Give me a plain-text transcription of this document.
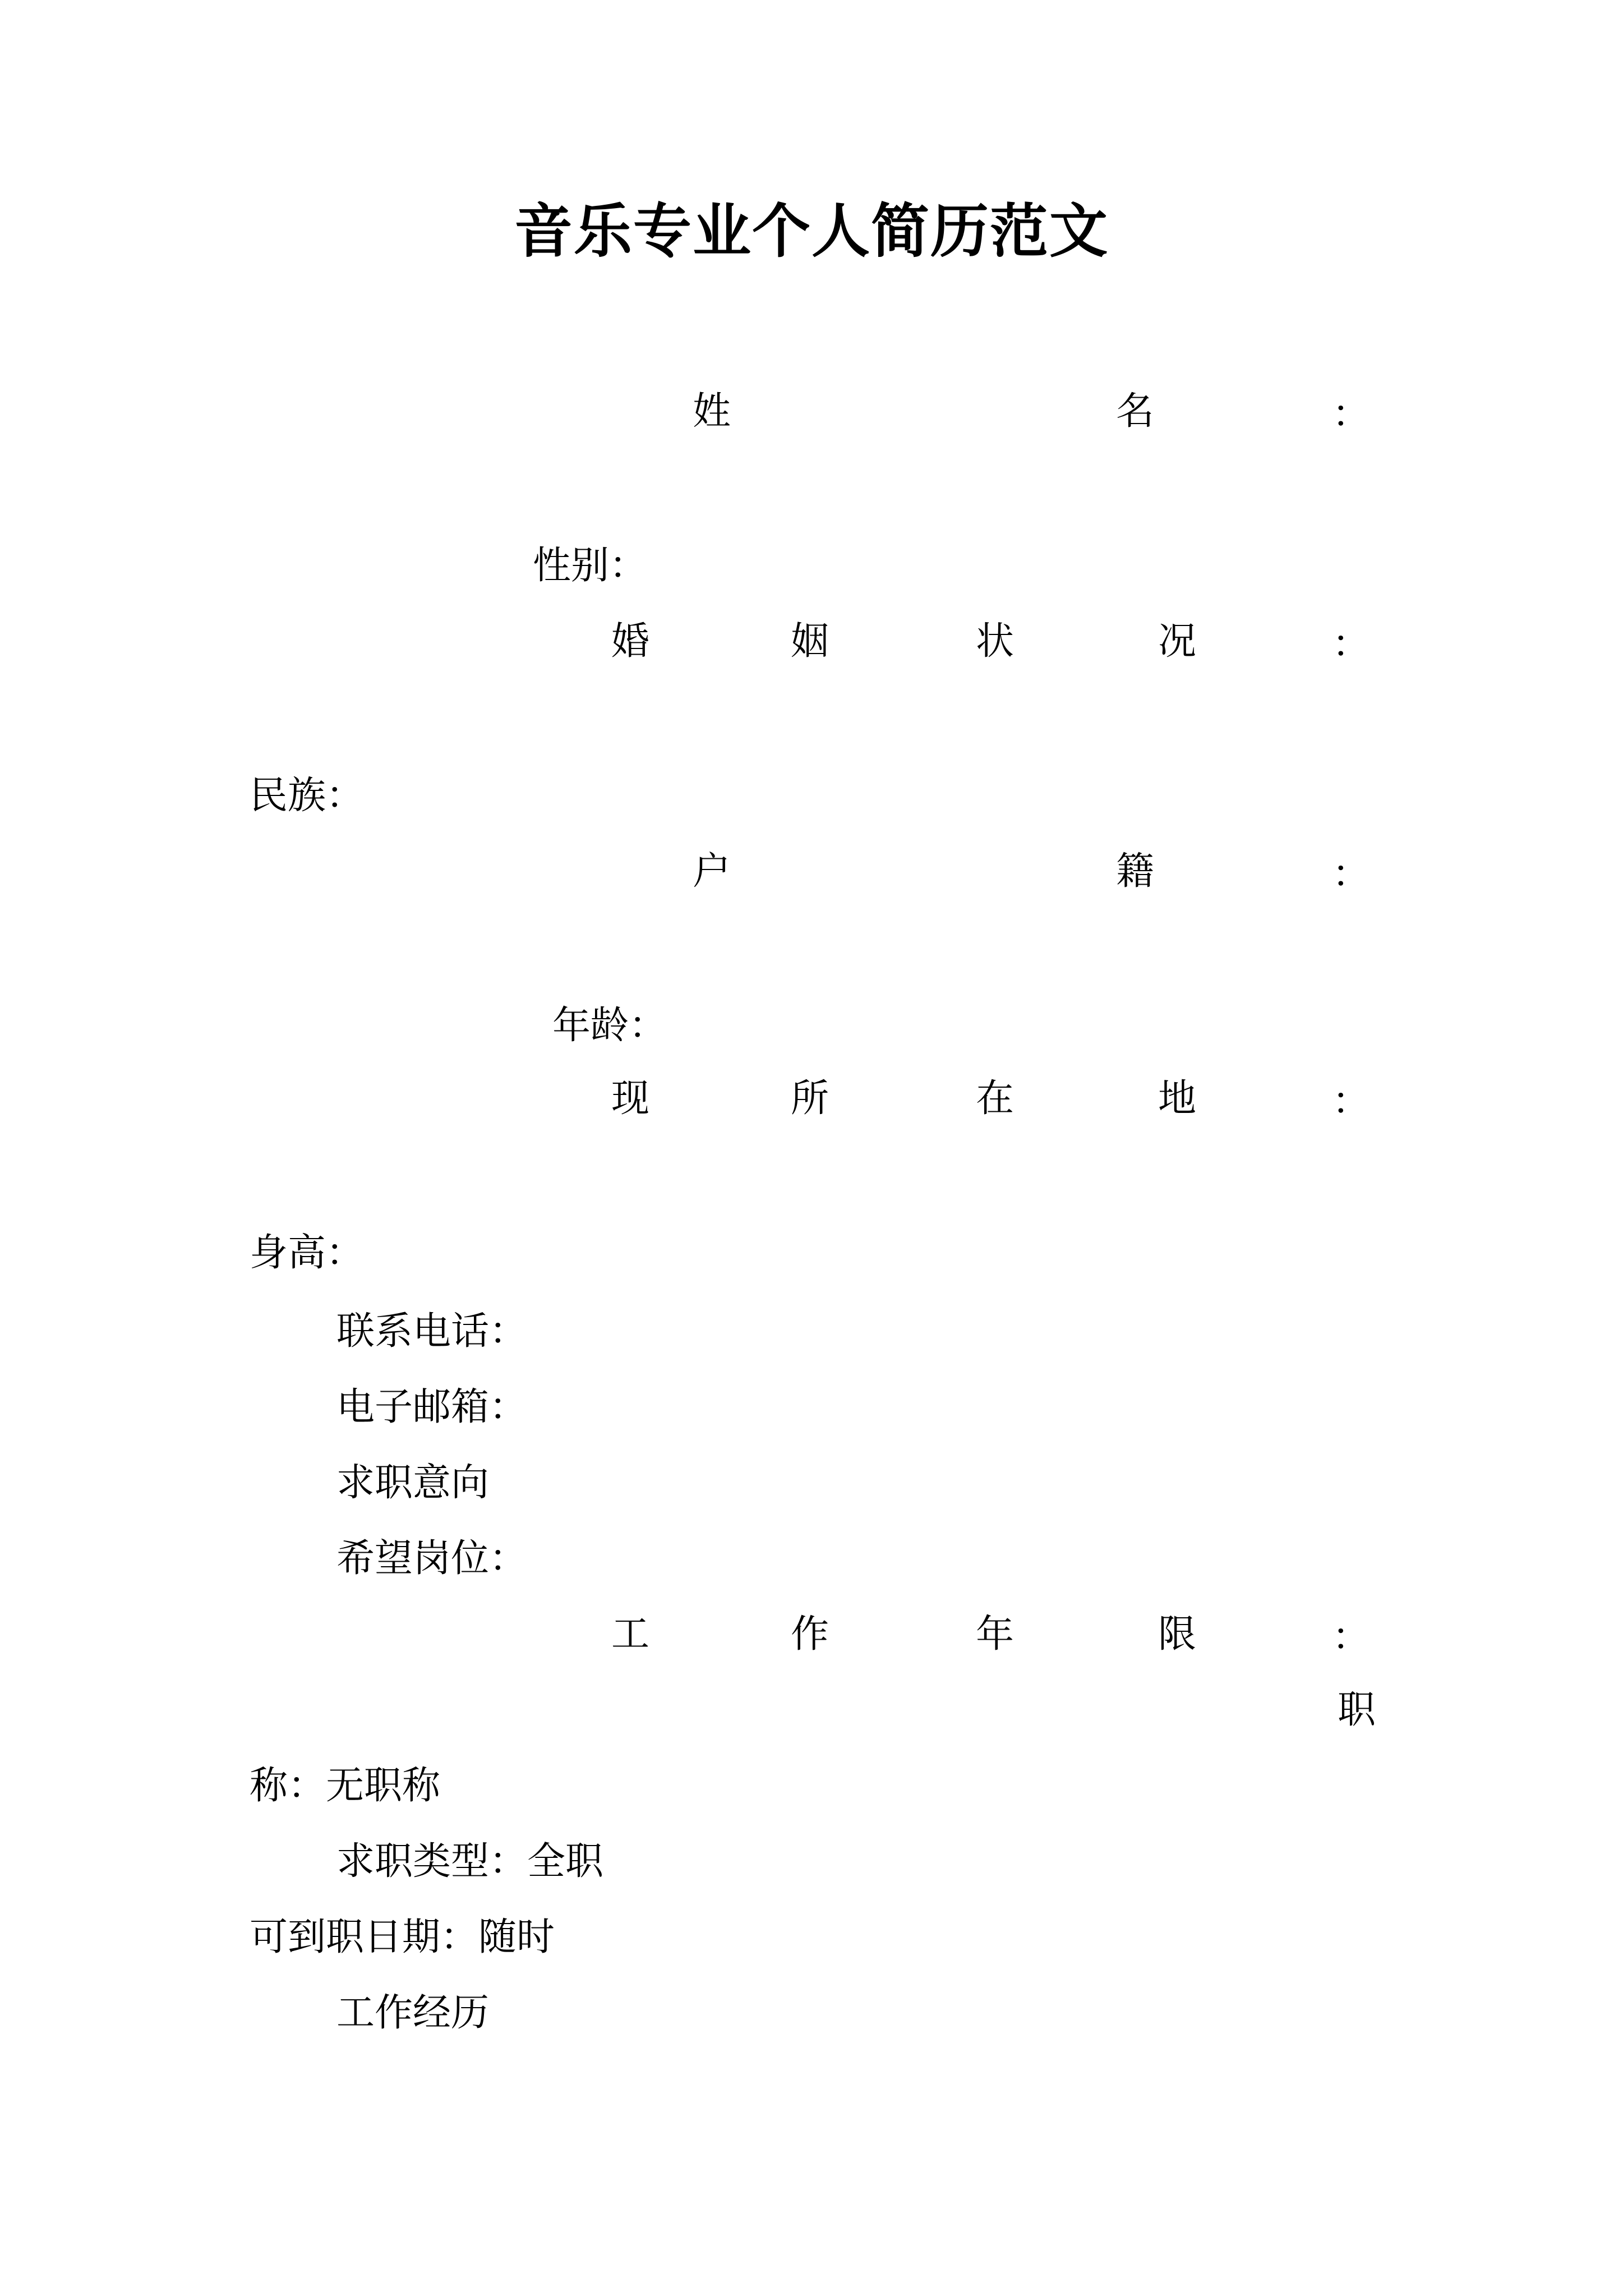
音乐专业个人简历范文
姓	名	：
性别：
婚	姻	状	况	：
民族：
户	籍	：
年龄：
现	所	在	地	：
身高：
联系电话：
电子邮箱：
求职意向
希望岗位：
工	作	年	限	：
职
称：无职称
求职类型：全职
可到职日期：随时
工作经历
